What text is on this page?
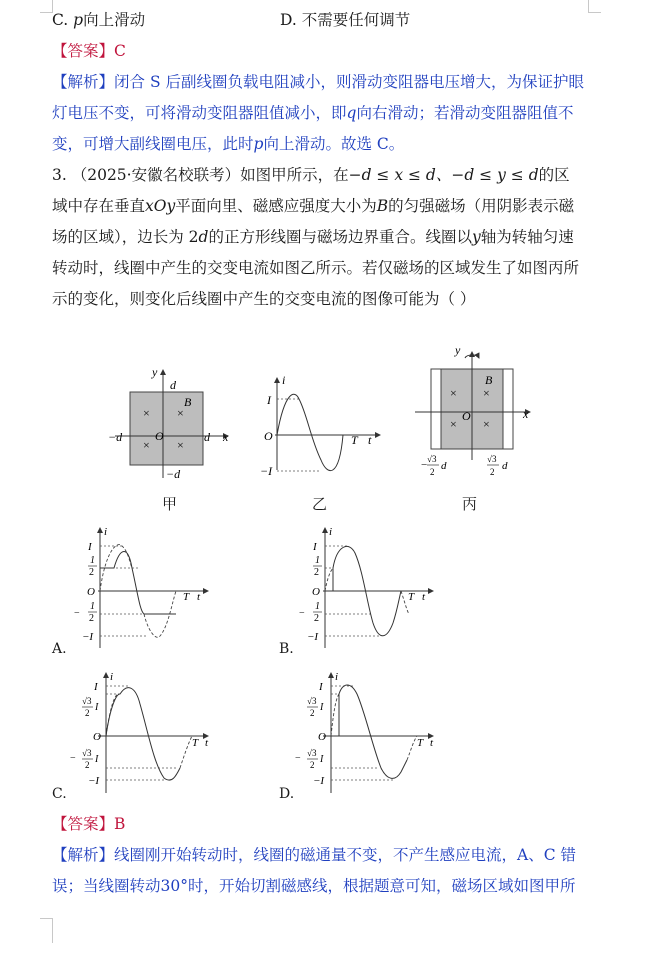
C. p向上滑动	D. 不需要任何调节
【答案】C
【解析】闭合 S 后副线圈负载电阻减小，则滑动变阻器电压增大，为保证护眼
灯电压不变，可将滑动变阻器阻值减小，即q向右滑动；若滑动变阻器阻值不
变，可增大副线圈电压，此时p向上滑动。故选 C。
3. （2025·安徽名校联考）如图甲所示，在−d ≤ x ≤ d、−d ≤ y ≤ d的区
域中存在垂直xOy平面向里、磁感应强度大小为B的匀强磁场（用阴影表示磁
场的区域），边长为 2d的正方形线圈与磁场边界重合。线圈以y轴为转轴匀速
转动时，线圈中产生的交变电流如图乙所示。若仅磁场的区域发生了如图丙所
示的变化，则变化后线圈中产生的交变电流的图像可能为（ ）
y
x
d
−d
−d	d
O
B
× ×
× ×
甲
i
I
O
−I
T t
乙
y
x
O
B
× ×
× ×
− √3
2 d
√3
2 d
丙
i
I
1
2
O
−
1
2
−I
T t
A.
i
I
1
2
O
−
1
2
−I
T t
B.
i
I
√3
2 I
O
− √3
2 I
−I
T t
C.
i
I
√3
2 I
O
− √3
2 I
−I
T t
D.
【答案】B
【解析】线圈刚开始转动时，线圈的磁通量不变，不产生感应电流，A、C 错
误；当线圈转动30°时，开始切割磁感线，根据题意可知，磁场区域如图甲所
